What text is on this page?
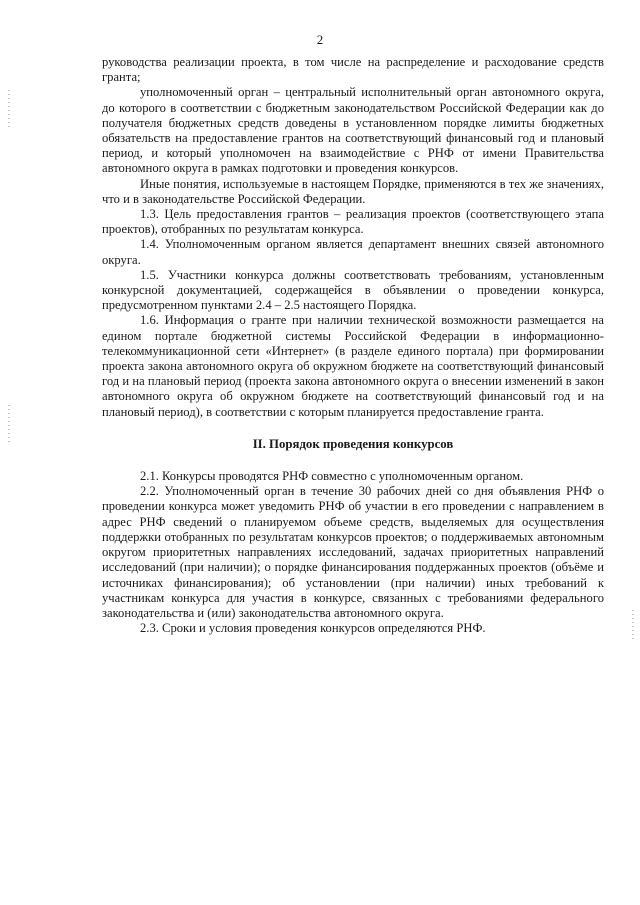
2

руководства реализации проекта, в том числе на распределение и расходование средств гранта;

уполномоченный орган – центральный исполнительный орган автономного округа, до которого в соответствии с бюджетным законодательством Российской Федерации как до получателя бюджетных средств доведены в установленном порядке лимиты бюджетных обязательств на предоставление грантов на соответствующий финансовый год и плановый период, и который уполномочен на взаимодействие с РНФ от имени Правительства автономного округа в рамках подготовки и проведения конкурсов.

Иные понятия, используемые в настоящем Порядке, применяются в тех же значениях, что и в законодательстве Российской Федерации.

1.3. Цель предоставления грантов – реализация проектов (соответствующего этапа проектов), отобранных по результатам конкурса.

1.4. Уполномоченным органом является департамент внешних связей автономного округа.

1.5. Участники конкурса должны соответствовать требованиям, установленным конкурсной документацией, содержащейся в объявлении о проведении конкурса, предусмотренном пунктами 2.4 – 2.5 настоящего Порядка.

1.6. Информация о гранте при наличии технической возможности размещается на едином портале бюджетной системы Российской Федерации в информационно-телекоммуникационной сети «Интернет» (в разделе единого портала) при формировании проекта закона автономного округа об окружном бюджете на соответствующий финансовый год и на плановый период (проекта закона автономного округа о внесении изменений в закон автономного округа об окружном бюджете на соответствующий финансовый год и на плановый период), в соответствии с которым планируется предоставление гранта.

II. Порядок проведения конкурсов

2.1. Конкурсы проводятся РНФ совместно с уполномоченным органом.

2.2. Уполномоченный орган в течение 30 рабочих дней со дня объявления РНФ о проведении конкурса может уведомить РНФ об участии в его проведении с направлением в адрес РНФ сведений о планируемом объеме средств, выделяемых для осуществления поддержки отобранных по результатам конкурсов проектов; о поддерживаемых автономным округом приоритетных направлениях исследований, задачах приоритетных направлений исследований (при наличии); о порядке финансирования поддержанных проектов (объёме и источниках финансирования); об установлении (при наличии) иных требований к участникам конкурса для участия в конкурсе, связанных с требованиями федерального законодательства и (или) законодательства автономного округа.

2.3. Сроки и условия проведения конкурсов определяются РНФ.
